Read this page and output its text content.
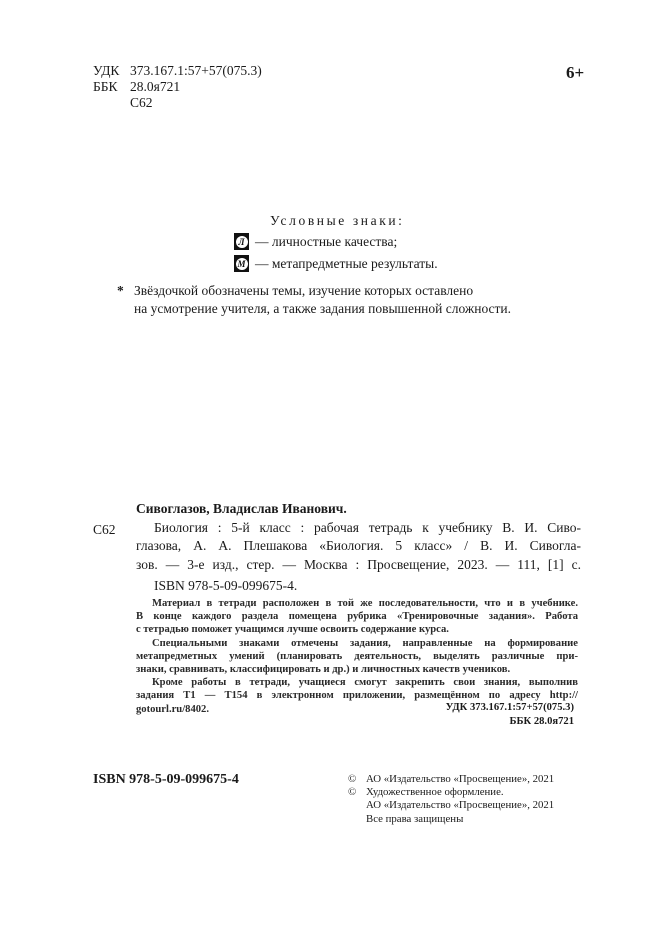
УДК 373.167.1:57+57(075.3)
ББК 28.0я721
С62
6+
Условные знаки:
Л — личностные качества;
М — метапредметные результаты.
* Звёздочкой обозначены темы, изучение которых оставлено
на усмотрение учителя, а также задания повышенной сложности.
С62
Сивоглазов, Владислав Иванович.
Биология : 5-й класс : рабочая тетрадь к учебнику В. И. Сиво-
глазова, А. А. Плешакова «Биология. 5 класс» / В. И. Сивогла-
зов. — 3-е изд., стер. — Москва : Просвещение, 2023. — 111, [1] с.
ISBN 978-5-09-099675-4.
Материал в тетради расположен в той же последовательности, что и в учебнике.
В конце каждого раздела помещена рубрика «Тренировочные задания». Работа
с тетрадью поможет учащимся лучше освоить содержание курса.
Специальными знаками отмечены задания, направленные на формирование
метапредметных умений (планировать деятельность, выделять различные при-
знаки, сравнивать, классифицировать и др.) и личностных качеств учеников.
Кроме работы в тетради, учащиеся смогут закрепить свои знания, выполнив
задания Т1 — Т154 в электронном приложении, размещённом по адресу http://
gotourl.ru/8402.	УДК 373.167.1:57+57(075.3)
ББК 28.0я721
ISBN 978-5-09-099675-4	© АО «Издательство «Просвещение», 2021
© Художественное оформление.
АО «Издательство «Просвещение», 2021
Все права защищены
